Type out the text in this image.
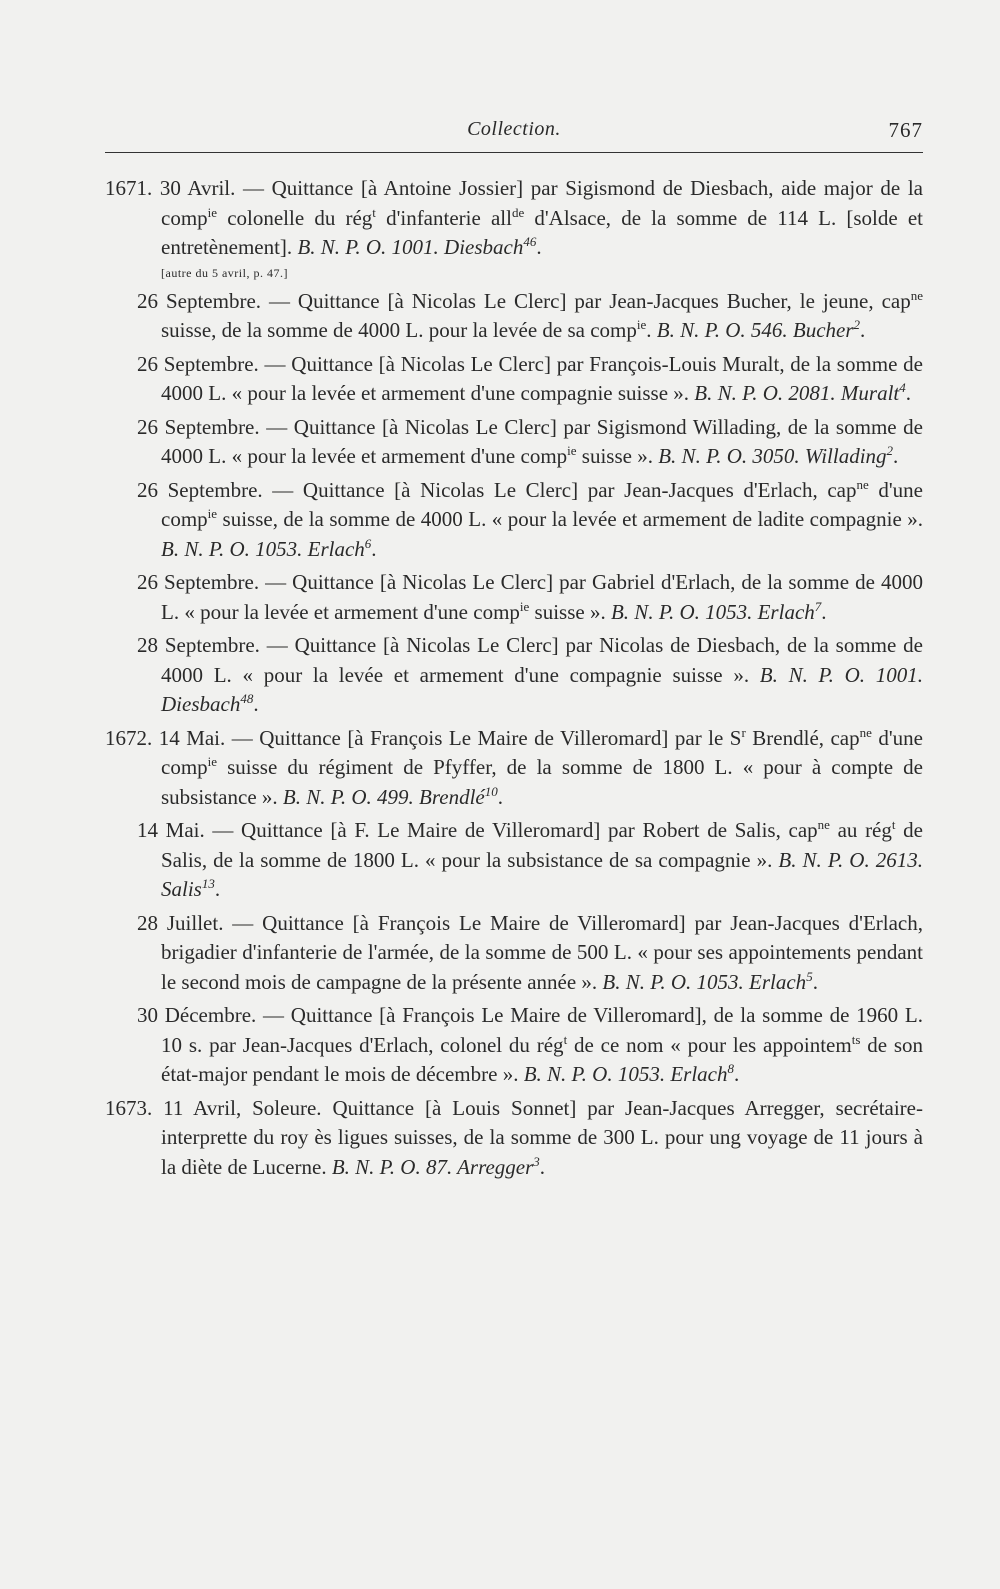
Collection.	767

1671. 30 Avril. — Quittance [à Antoine Jossier] par Sigismond de Diesbach, aide major de la comp$^{ie}$ colonelle du rég$^t$ d'infanterie all$^{de}$ d'Alsace, de la somme de 114 L. [solde et entretènement]. B. N. P. O. 1001. Diesbach$^{46}$.
[autre du 5 avril, p. 47.]

26 Septembre. — Quittance [à Nicolas Le Clerc] par Jean-Jacques Bucher, le jeune, cap$^{ne}$ suisse, de la somme de 4000 L. pour la levée de sa comp$^{ie}$. B. N. P. O. 546. Bucher$^2$.

26 Septembre. — Quittance [à Nicolas Le Clerc] par François-Louis Muralt, de la somme de 4000 L. « pour la levée et armement d'une compagnie suisse ». B. N. P. O. 2081. Muralt$^4$.

26 Septembre. — Quittance [à Nicolas Le Clerc] par Sigismond Willading, de la somme de 4000 L. « pour la levée et armement d'une comp$^{ie}$ suisse ». B. N. P. O. 3050. Willading$^2$.

26 Septembre. — Quittance [à Nicolas Le Clerc] par Jean-Jacques d'Erlach, cap$^{ne}$ d'une comp$^{ie}$ suisse, de la somme de 4000 L. « pour la levée et armement de ladite compagnie ». B. N. P. O. 1053. Erlach$^6$.

26 Septembre. — Quittance [à Nicolas Le Clerc] par Gabriel d'Erlach, de la somme de 4000 L. « pour la levée et armement d'une comp$^{ie}$ suisse ». B. N. P. O. 1053. Erlach$^7$.

28 Septembre. — Quittance [à Nicolas Le Clerc] par Nicolas de Diesbach, de la somme de 4000 L. « pour la levée et armement d'une compagnie suisse ». B. N. P. O. 1001. Diesbach$^{48}$.

1672. 14 Mai. — Quittance [à François Le Maire de Villeromard] par le $S^r$ Brendlé, cap$^{ne}$ d'une comp$^{ie}$ suisse du régiment de Pfyffer, de la somme de 1800 L. « pour à compte de subsistance ». B. N. P. O. 499. Brendlé$^{10}$.

14 Mai. — Quittance [à F. Le Maire de Villeromard] par Robert de Salis, cap$^{ne}$ au rég$^t$ de Salis, de la somme de 1800 L. « pour la subsistance de sa compagnie ». B. N. P. O. 2613. Salis$^{13}$.

28 Juillet. — Quittance [à François Le Maire de Villeromard] par Jean-Jacques d'Erlach, brigadier d'infanterie de l'armée, de la somme de 500 L. « pour ses appointements pendant le second mois de campagne de la présente année ». B. N. P. O. 1053. Erlach$^5$.

30 Décembre. — Quittance [à François Le Maire de Villeromard], de la somme de 1960 L. 10 s. par Jean-Jacques d'Erlach, colonel du rég$^t$ de ce nom « pour les appointem$^{ts}$ de son état-major pendant le mois de décembre ». B. N. P. O. 1053. Erlach$^8$.

1673. 11 Avril, Soleure. Quittance [à Louis Sonnet] par Jean-Jacques Arregger, secrétaire-interprette du roy ès ligues suisses, de la somme de 300 L. pour ung voyage de 11 jours à la diète de Lucerne. B. N. P. O. 87. Arregger$^3$.
